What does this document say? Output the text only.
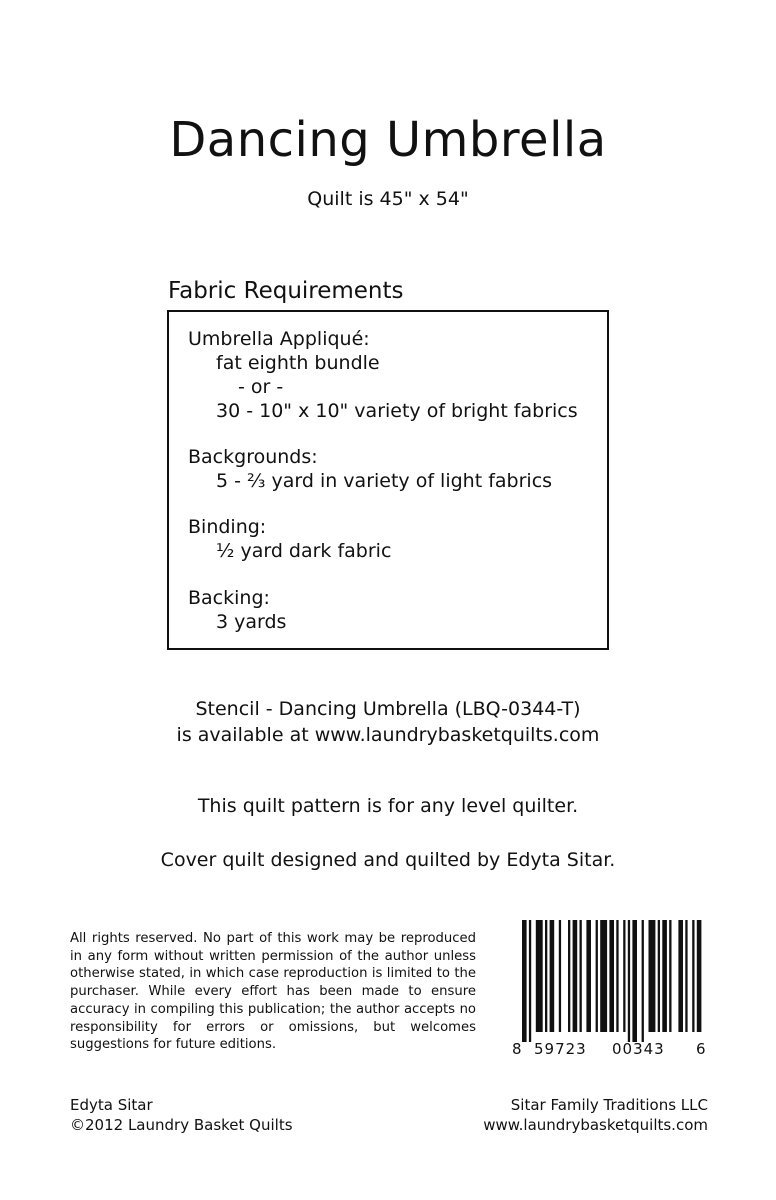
Dancing Umbrella
Quilt is 45" x 54"
Fabric Requirements
Umbrella Appliqué:
fat eighth bundle
- or -
30 - 10" x 10" variety of bright fabrics
Backgrounds:
5 - ⅔ yard in variety of light fabrics
Binding:
½ yard dark fabric
Backing:
3 yards
Stencil - Dancing Umbrella (LBQ-0344-T)
is available at www.laundrybasketquilts.com
This quilt pattern is for any level quilter.
Cover quilt designed and quilted by Edyta Sitar.
All rights reserved. No part of this work may be reproduced in any form without written permission of the author unless otherwise stated, in which case reproduction is limited to the purchaser. While every effort has been made to ensure accuracy in compiling this publication; the author accepts no responsibility for errors or omissions, but welcomes suggestions for future editions.	8 59723 00343 6
Edyta Sitar
©2012 Laundry Basket Quilts
Sitar Family Traditions LLC
www.laundrybasketquilts.com
